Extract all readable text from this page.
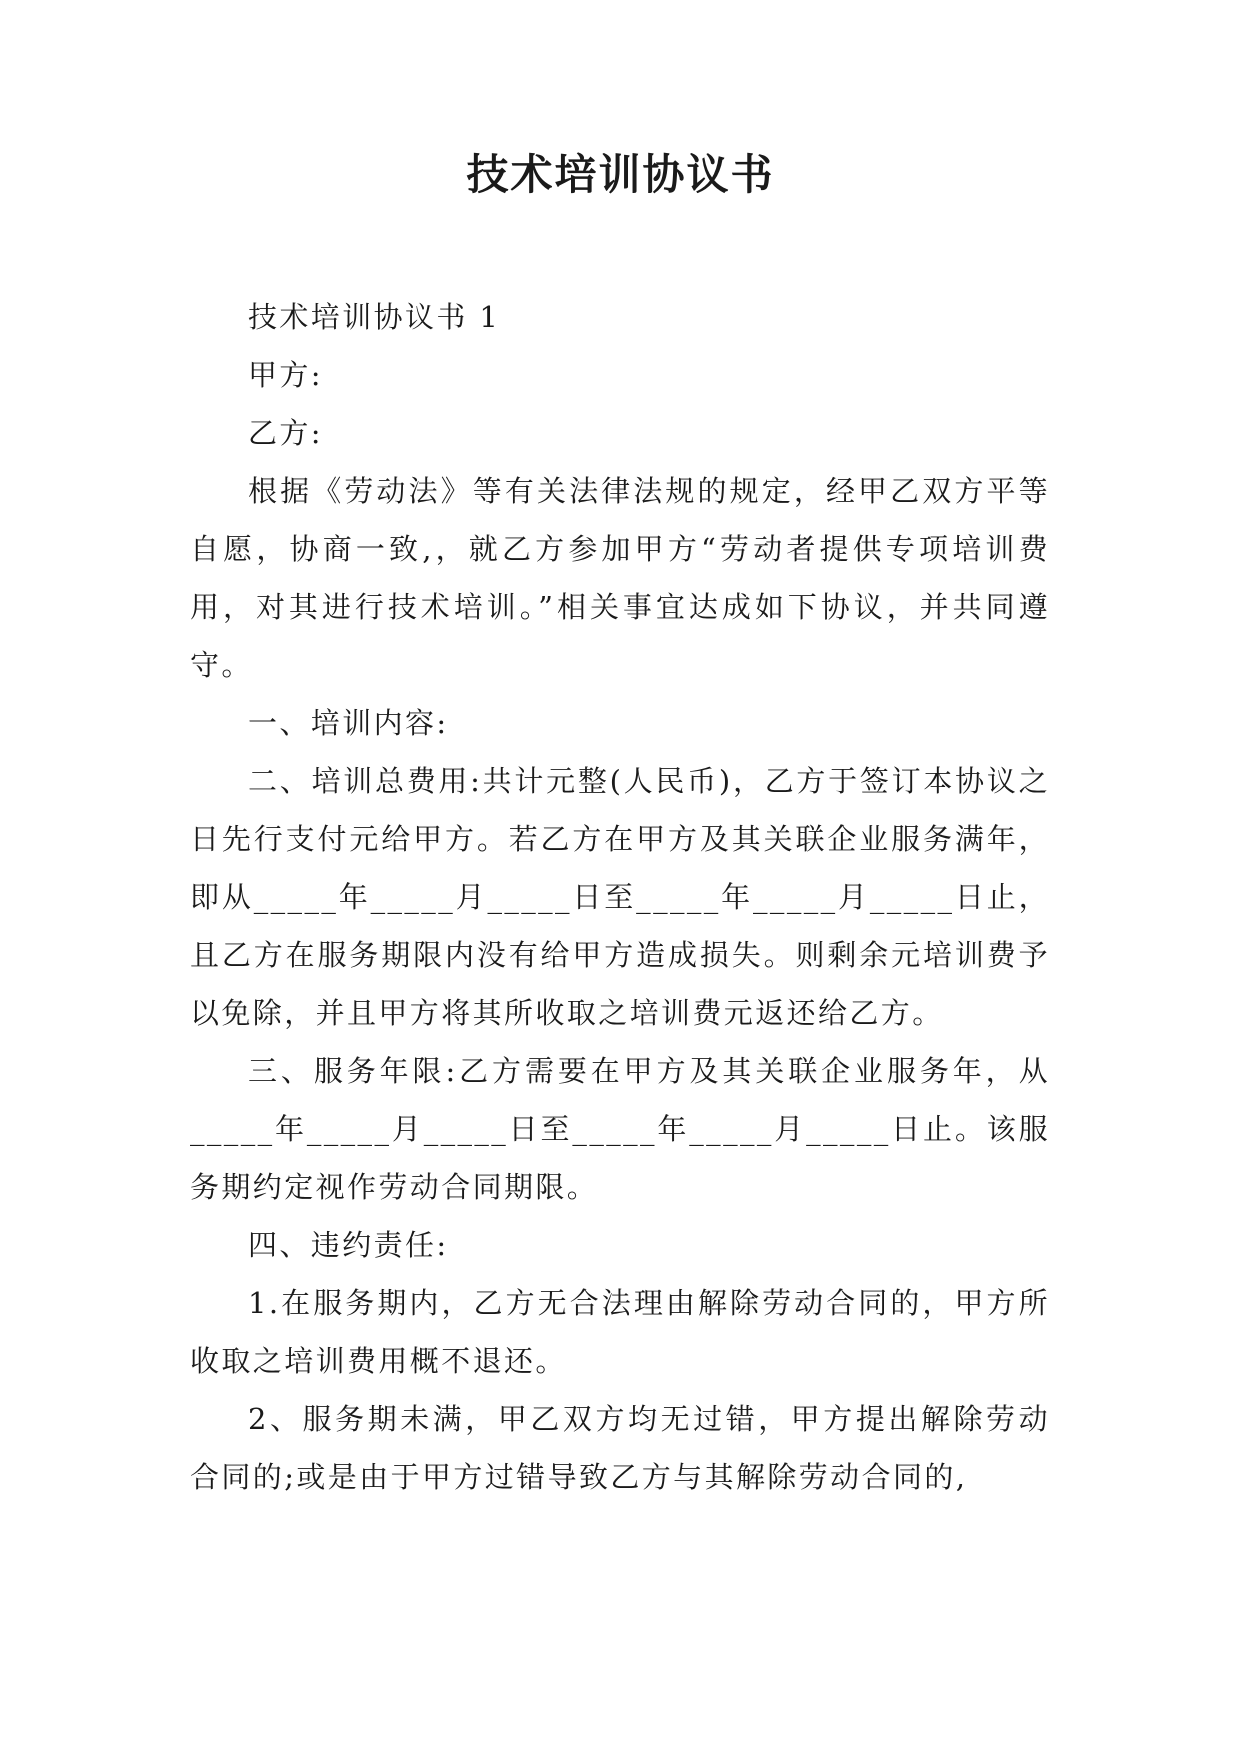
技术培训协议书

技术培训协议书 1

甲方:

乙方:

根据《劳动法》等有关法律法规的规定，经甲乙双方平等自愿，协商一致,，就乙方参加甲方“劳动者提供专项培训费用，对其进行技术培训。”相关事宜达成如下协议，并共同遵守。

一、培训内容:

二、培训总费用:共计元整(人民币)，乙方于签订本协议之日先行支付元给甲方。若乙方在甲方及其关联企业服务满年，即从_____年_____月_____日至_____年_____月_____日止，且乙方在服务期限内没有给甲方造成损失。则剩余元培训费予以免除，并且甲方将其所收取之培训费元返还给乙方。

三、服务年限:乙方需要在甲方及其关联企业服务年，从_____年_____月_____日至_____年_____月_____日止。该服务期约定视作劳动合同期限。

四、违约责任:

1.在服务期内，乙方无合法理由解除劳动合同的，甲方所收取之培训费用概不退还。

2、服务期未满，甲乙双方均无过错，甲方提出解除劳动合同的;或是由于甲方过错导致乙方与其解除劳动合同的,
